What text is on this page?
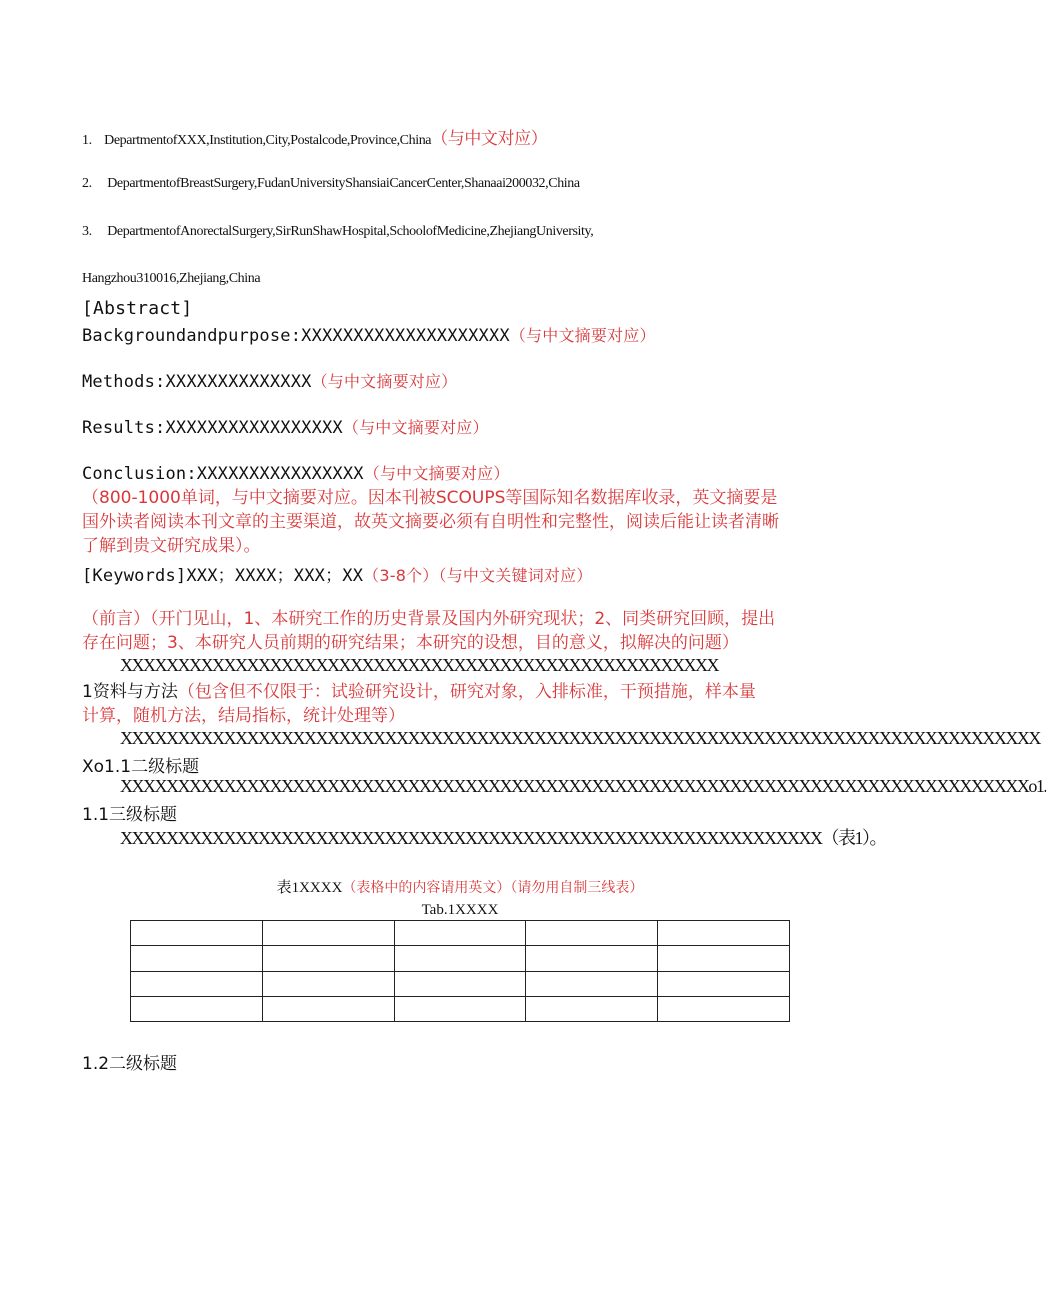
1. DepartmentofXXX,Institution,City,Postalcode,Province,China（与中文对应）
2. DepartmentofBreastSurgery,FudanUniversityShansiaiCancerCenter,Shanaai200032,China
3. DepartmentofAnorectalSurgery,SirRunShawHospital,SchoolofMedicine,ZhejiangUniversity,
Hangzhou310016,Zhejiang,China
[Abstract]
Backgroundandpurpose:XXXXXXXXXXXXXXXXXXXX（与中文摘要对应）
Methods:XXXXXXXXXXXXXX（与中文摘要对应）
Results:XXXXXXXXXXXXXXXXX（与中文摘要对应）
Conclusion:XXXXXXXXXXXXXXXX（与中文摘要对应）
（800-1000单词，与中文摘要对应。因本刊被SCOUPS等国际知名数据库收录，英文摘要是
国外读者阅读本刊文章的主要渠道，故英文摘要必须有自明性和完整性，阅读后能让读者清晰
了解到贵文研究成果）。
[Keywords]XXX；XXXX；XXX；XX（3-8个）（与中文关键词对应）
（前言）（开门见山，1、本研究工作的历史背景及国内外研究现状；2、同类研究回顾，提出
存在问题；3、本研究人员前期的研究结果；本研究的设想，目的意义，拟解决的问题）
XXXXXXXXXXXXXXXXXXXXXXXXXXXXXXXXXXXXXXXXXXXXXXXXXXXX
1资料与方法（包含但不仅限于：试验研究设计，研究对象，入排标准，干预措施，样本量
计算，随机方法，结局指标，统计处理等）
XXXXXXXXXXXXXXXXXXXXXXXXXXXXXXXXXXXXXXXXXXXXXXXXXXXXXXXXXXXXXXXXXXXXXXXXXXXXXXXX
Xo1.1二级标题
XXXXXXXXXXXXXXXXXXXXXXXXXXXXXXXXXXXXXXXXXXXXXXXXXXXXXXXXXXXXXXXXXXXXXXXXXXXXXXXo1.
1.1三级标题
XXXXXXXXXXXXXXXXXXXXXXXXXXXXXXXXXXXXXXXXXXXXXXXXXXXXXXXXXXXXX（表1）。
表1XXXX（表格中的内容请用英文）（请勿用自制三线表）
Tab.1XXXX

1.2二级标题
